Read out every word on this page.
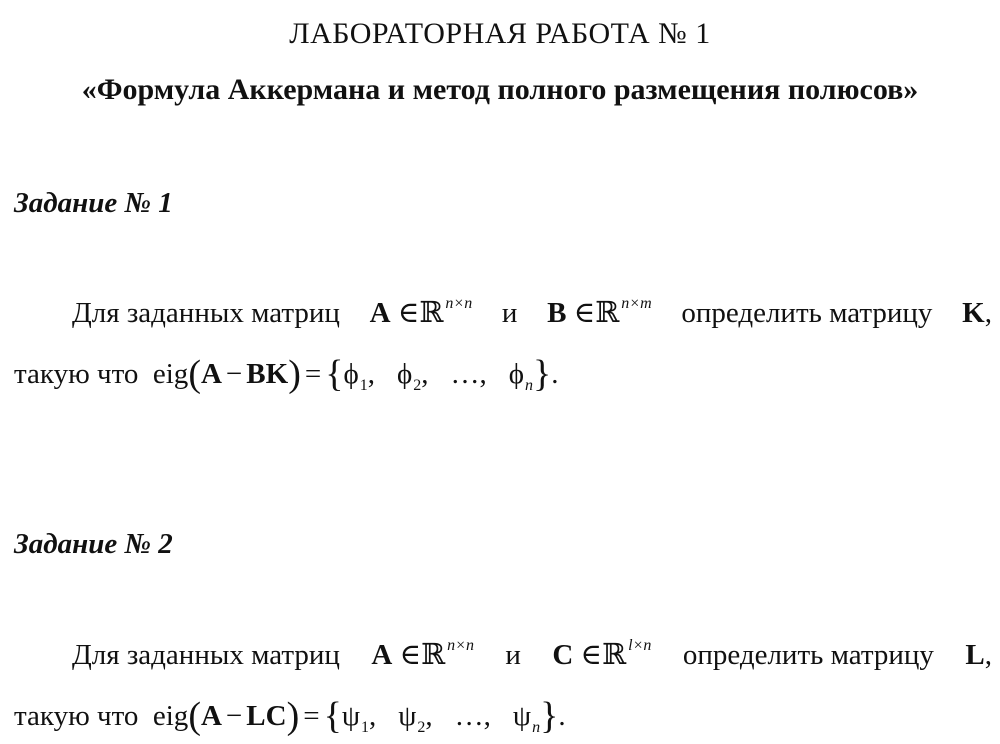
ЛАБОРАТОРНАЯ РАБОТА № 1
«Формула Аккермана и метод полного размещения полюсов»
Задание № 1
Для заданных матриц A ∈ℝ $^{n\times n}$ и B ∈ℝ $^{n\times m}$ определить матрицу K,
такую что $eig(A - BK) = \{\phi_1$, $\phi_2$, …, $\phi_n$}.
Задание № 2
Для заданных матриц A ∈ℝ $^{n\times n}$ и C ∈ℝ $^{l\times n}$ определить матрицу L,
такую что $eig(A - LC) = \{\psi_1$, $\psi_2$, …, $\psi_n$}.
